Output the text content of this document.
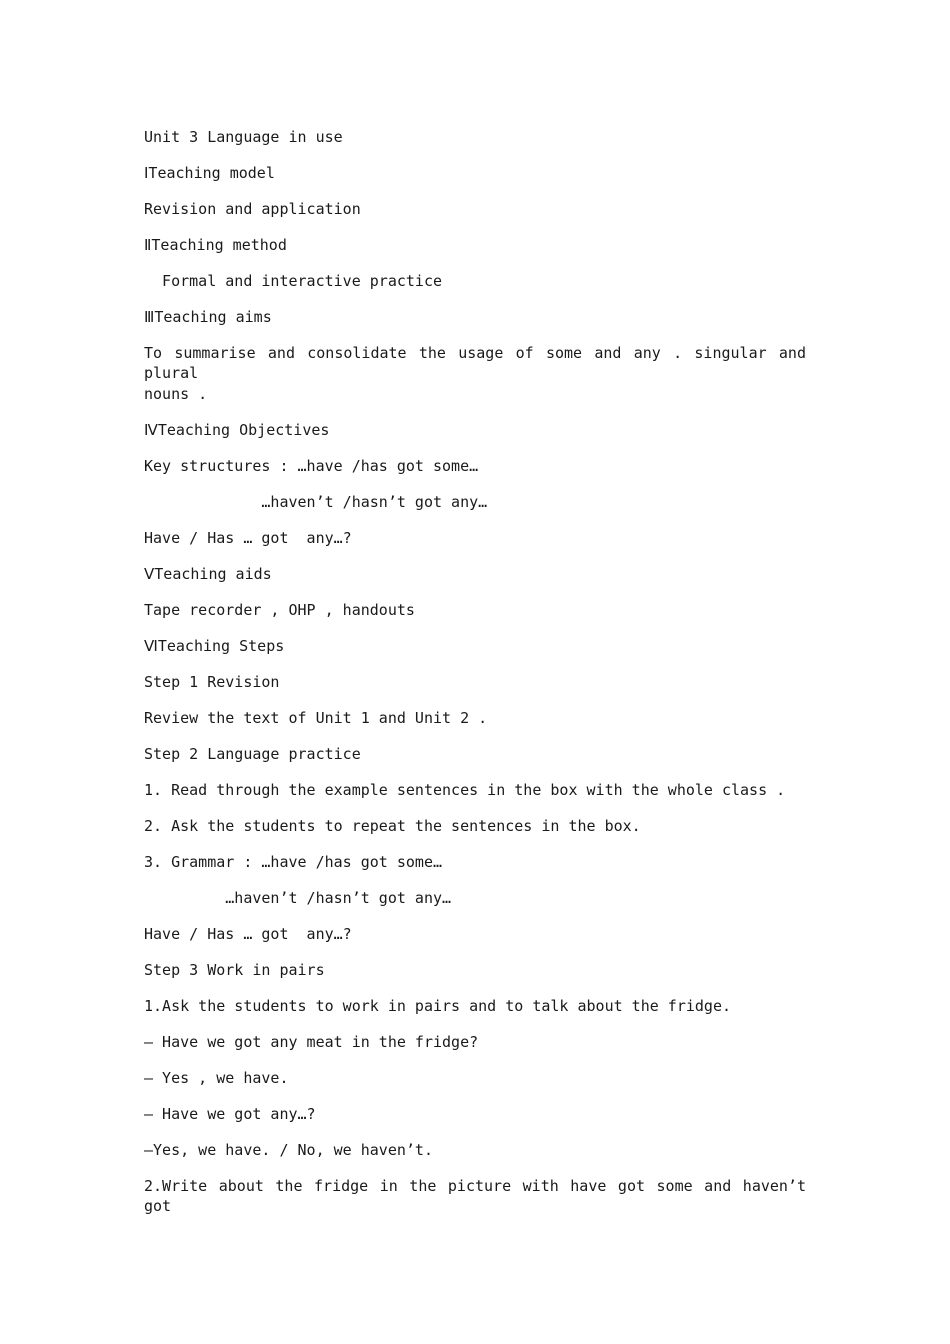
Unit 3 Language in use

ⅠTeaching model

Revision and application

ⅡTeaching method

Formal and interactive practice

ⅢTeaching aims

To summarise and consolidate the usage of some and any . singular and plural

nouns .

ⅣTeaching Objectives

Key structures : …have /has got some…

…haven’t /hasn’t got any…

Have / Has … got  any…?

ⅤTeaching aids

Tape recorder , OHP , handouts

ⅥTeaching Steps

Step 1 Revision

Review the text of Unit 1 and Unit 2 .

Step 2 Language practice

1. Read through the example sentences in the box with the whole class .

2. Ask the students to repeat the sentences in the box.

3. Grammar : …have /has got some…

…haven’t /hasn’t got any…

Have / Has … got  any…?

Step 3 Work in pairs

1.Ask the students to work in pairs and to talk about the fridge.

— Have we got any meat in the fridge?

— Yes , we have.

— Have we got any…?

—Yes, we have. / No, we haven’t.

2.Write about the fridge in the picture with have got some and haven’t got
